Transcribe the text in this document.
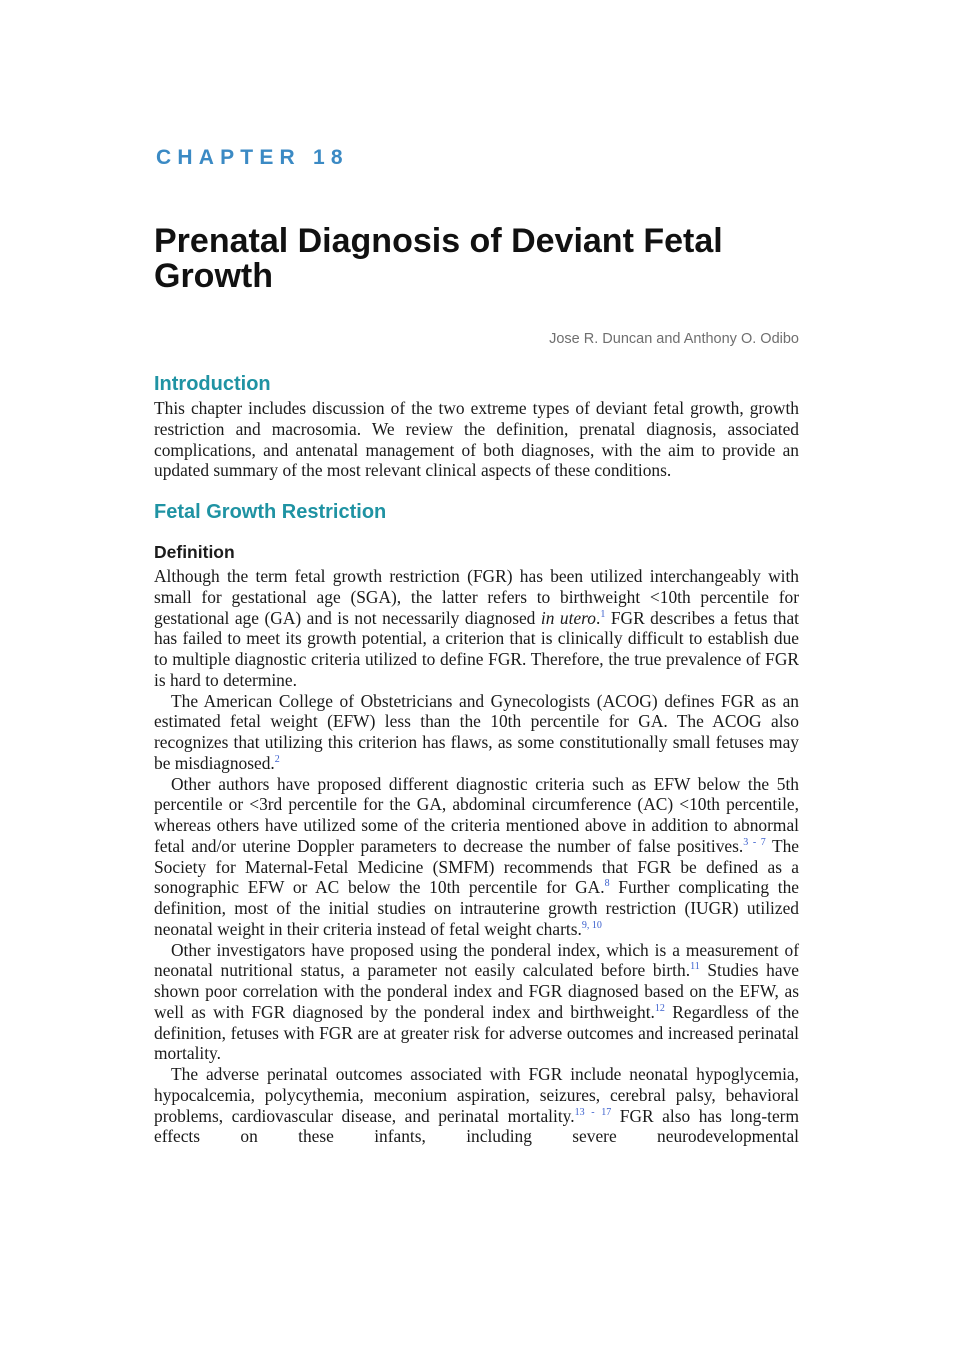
CHAPTER 18
Prenatal Diagnosis of Deviant Fetal Growth
Jose R. Duncan and Anthony O. Odibo
Introduction

This chapter includes discussion of the two extreme types of deviant fetal growth, growth restriction and macrosomia. We review the definition, prenatal diagnosis, associated complications, and antenatal management of both diagnoses, with the aim to provide an updated summary of the most relevant clinical aspects of these conditions.

Fetal Growth Restriction
Definition

Although the term fetal growth restriction (FGR) has been utilized interchangeably with small for gestational age (SGA), the latter refers to birthweight <10th percentile for gestational age (GA) and is not necessarily diagnosed in utero.$^1$ FGR describes a fetus that has failed to meet its growth potential, a criterion that is clinically difficult to establish due to multiple diagnostic criteria utilized to define FGR. Therefore, the true prevalence of FGR is hard to determine.

The American College of Obstetricians and Gynecologists (ACOG) defines FGR as an estimated fetal weight (EFW) less than the 10th percentile for GA. The ACOG also recognizes that utilizing this criterion has flaws, as some constitutionally small fetuses may be misdiagnosed.$^2$

Other authors have proposed different diagnostic criteria such as EFW below the 5th percentile or <3rd percentile for the GA, abdominal circumference (AC) <10th percentile, whereas others have utilized some of the criteria mentioned above in addition to abnormal fetal and/or uterine Doppler parameters to decrease the number of false positives.$^{3 - 7}$ The Society for Maternal-Fetal Medicine (SMFM) recommends that FGR be defined as a sonographic EFW or AC below the 10th percentile for GA.$^8$ Further complicating the definition, most of the initial studies on intrauterine growth restriction (IUGR) utilized neonatal weight in their criteria instead of fetal weight charts.$^{9, 10}$

Other investigators have proposed using the ponderal index, which is a measurement of neonatal nutritional status, a parameter not easily calculated before birth.$^{11}$ Studies have shown poor correlation with the ponderal index and FGR diagnosed based on the EFW, as well as with FGR diagnosed by the ponderal index and birthweight.$^{12}$ Regardless of the definition, fetuses with FGR are at greater risk for adverse outcomes and increased perinatal mortality.

The adverse perinatal outcomes associated with FGR include neonatal hypoglycemia, hypocalcemia, polycythemia, meconium aspiration, seizures, cerebral palsy, behavioral problems, cardiovascular disease, and perinatal mortality.$^{13 - 17}$ FGR also has long-term effects on these infants, including severe neurodevelopmental
